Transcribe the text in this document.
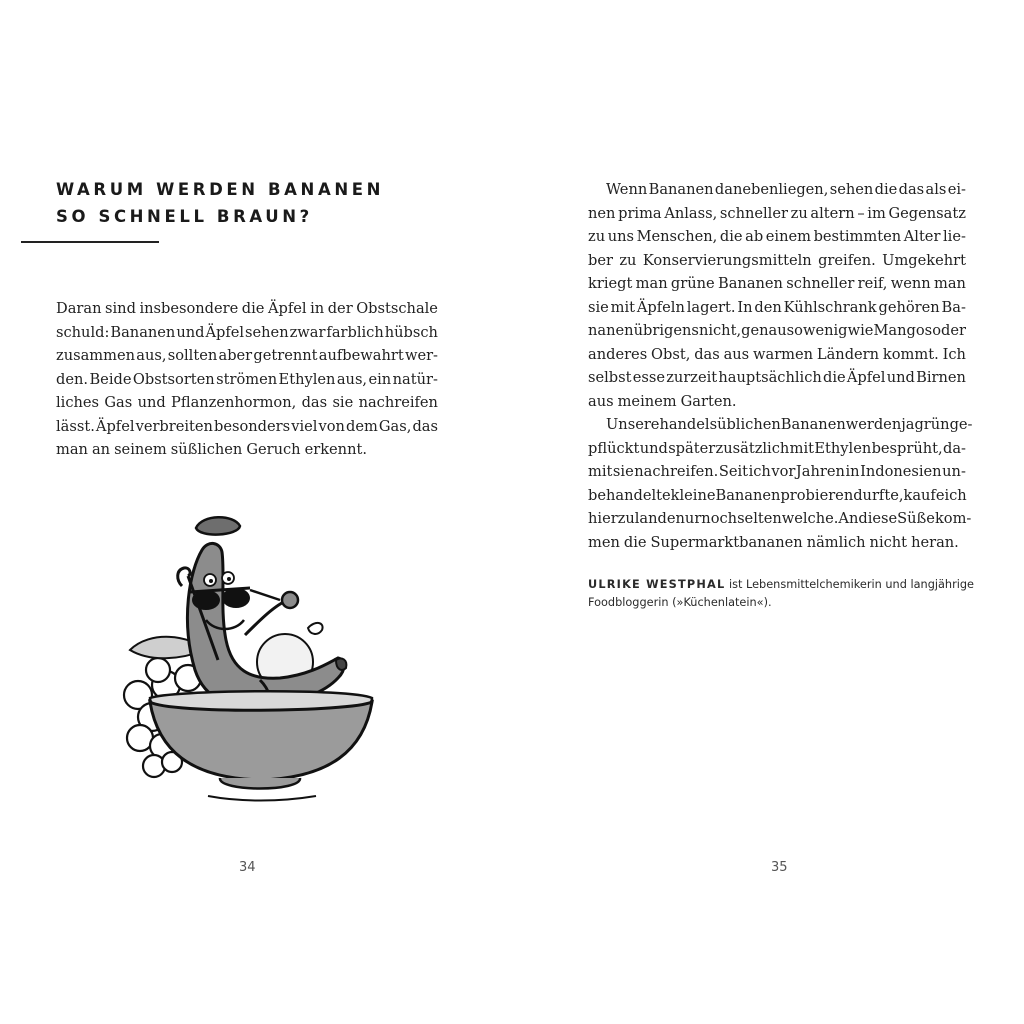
WARUM WERDEN BANANEN
SO SCHNELL BRAUN?
Daran sind insbesondere die Äpfel in der Obstschale
schuld: Bananen und Äpfel sehen zwar farblich hübsch
zusammen aus, sollten aber getrennt aufbewahrt wer-
den. Beide Obstsorten strömen Ethylen aus, ein natür-
liches Gas und Pflanzenhormon, das sie nachreifen
lässt. Äpfel verbreiten besonders viel von dem Gas, das
man an seinem süßlichen Geruch erkennt.
34
Wenn Bananen danebenliegen, sehen die das als ei-
nen prima Anlass, schneller zu altern – im Gegensatz
zu uns Menschen, die ab einem bestimmten Alter lie-
ber zu Konservierungsmitteln greifen. Umgekehrt
kriegt man grüne Bananen schneller reif, wenn man
sie mit Äpfeln lagert. In den Kühlschrank gehören Ba-
nanen übrigens nicht, genauso wenig wie Mangos oder
anderes Obst, das aus warmen Ländern kommt. Ich
selbst esse zurzeit hauptsächlich die Äpfel und Birnen
aus meinem Garten.
Unsere handelsüblichen Bananen werden ja grün ge-
pflückt und später zusätzlich mit Ethylen besprüht, da-
mit sie nachreifen. Seit ich vor Jahren in Indonesien un-
behandelte kleine Bananen probieren durfte, kaufe ich
hierzulande nur noch selten welche. An diese Süße kom-
men die Supermarktbananen nämlich nicht heran.
ULRIKE WESTPHAL ist Lebensmittelchemikerin und langjährige
Foodbloggerin (»Küchenlatein«).
35
